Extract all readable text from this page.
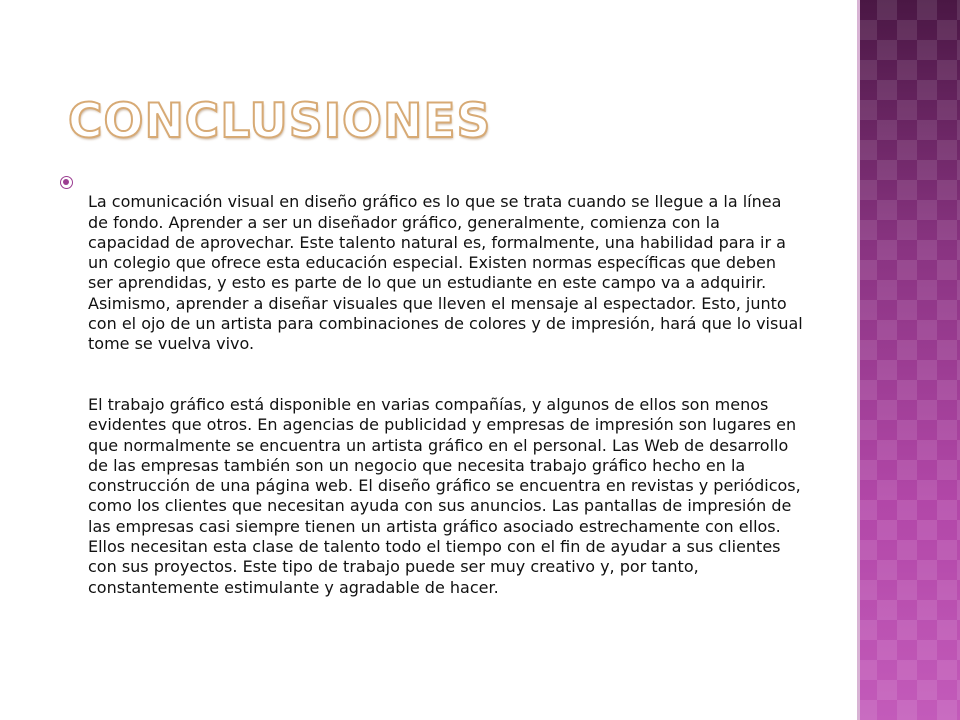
CONCLUSIONES

La comunicación visual en diseño gráfico es lo que se trata cuando se llegue a la línea de fondo. Aprender a ser un diseñador gráfico, generalmente, comienza con la capacidad de aprovechar. Este talento natural es, formalmente, una habilidad para ir a un colegio que ofrece esta educación especial. Existen normas específicas que deben ser aprendidas, y esto es parte de lo que un estudiante en este campo va a adquirir. Asimismo, aprender a diseñar visuales que lleven el mensaje al espectador. Esto, junto con el ojo de un artista para combinaciones de colores y de impresión, hará que lo visual tome se vuelva vivo.

El trabajo gráfico está disponible en varias compañías, y algunos de ellos son menos evidentes que otros. En agencias de publicidad y empresas de impresión son lugares en que normalmente se encuentra un artista gráfico en el personal. Las Web de desarrollo de las empresas también son un negocio que necesita trabajo gráfico hecho en la construcción de una página web. El diseño gráfico se encuentra en revistas y periódicos, como los clientes que necesitan ayuda con sus anuncios. Las pantallas de impresión de las empresas casi siempre tienen un artista gráfico asociado estrechamente con ellos. Ellos necesitan esta clase de talento todo el tiempo con el fin de ayudar a sus clientes con sus proyectos. Este tipo de trabajo puede ser muy creativo y, por tanto, constantemente estimulante y agradable de hacer.
